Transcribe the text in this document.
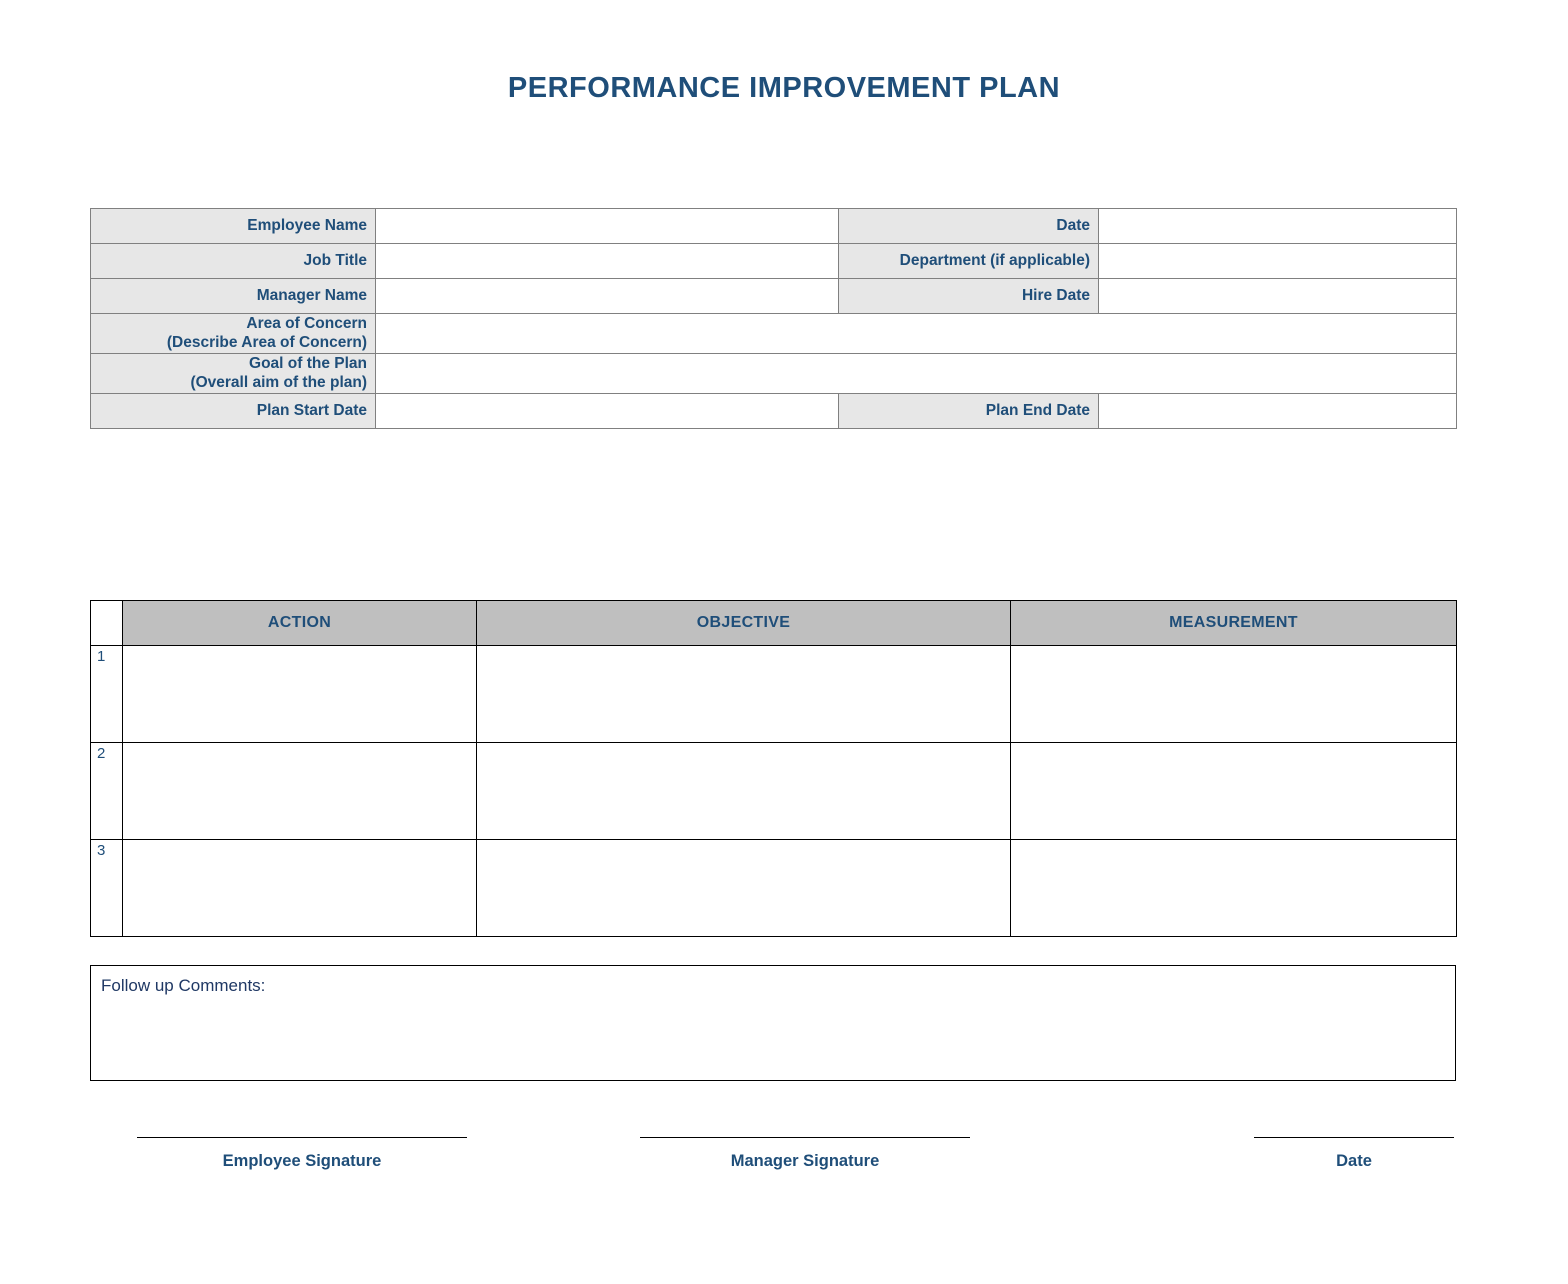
PERFORMANCE IMPROVEMENT PLAN
Employee Name		Date	
Job Title		Department (if applicable)	
Manager Name		Hire Date	

Area of Concern
(Describe Area of Concern)			

Goal of the Plan
(Overall aim of the plan)			

Plan Start Date		Plan End Date	
	ACTION	OBJECTIVE	MEASUREMENT
1			
2			
3			
Follow up Comments:
Employee Signature	Manager Signature	Date
